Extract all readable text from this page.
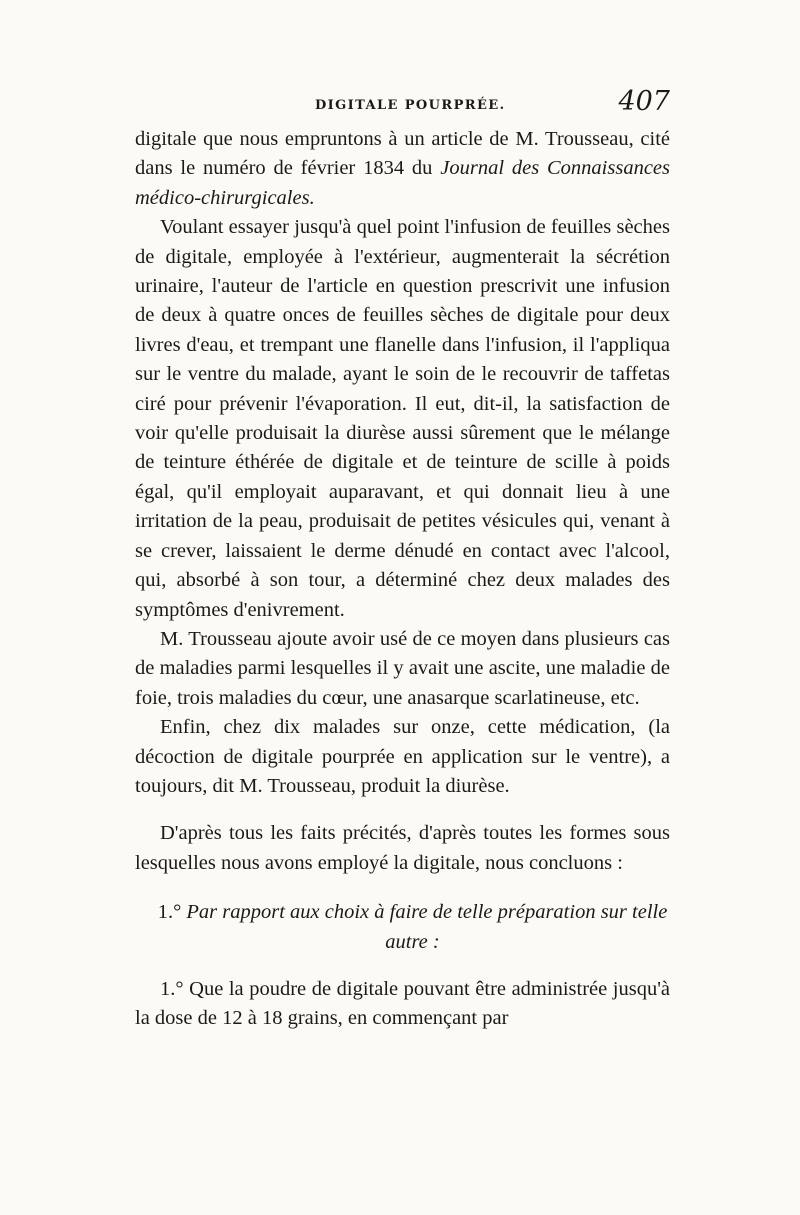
DIGITALE POURPRÉE.	407

digitale que nous empruntons à un article de M. Trousseau, cité dans le numéro de février 1834 du Journal des Connaissances médico-chirurgicales.

Voulant essayer jusqu'à quel point l'infusion de feuilles sèches de digitale, employée à l'extérieur, augmenterait la sécrétion urinaire, l'auteur de l'article en question prescrivit une infusion de deux à quatre onces de feuilles sèches de digitale pour deux livres d'eau, et trempant une flanelle dans l'infusion, il l'appliqua sur le ventre du malade, ayant le soin de le recouvrir de taffetas ciré pour prévenir l'évaporation. Il eut, dit-il, la satisfaction de voir qu'elle produisait la diurèse aussi sûrement que le mélange de teinture éthérée de digitale et de teinture de scille à poids égal, qu'il employait auparavant, et qui donnait lieu à une irritation de la peau, produisait de petites vésicules qui, venant à se crever, laissaient le derme dénudé en contact avec l'alcool, qui, absorbé à son tour, a déterminé chez deux malades des symptômes d'enivrement.

M. Trousseau ajoute avoir usé de ce moyen dans plusieurs cas de maladies parmi lesquelles il y avait une ascite, une maladie de foie, trois maladies du cœur, une anasarque scarlatineuse, etc.

Enfin, chez dix malades sur onze, cette médication, (la décoction de digitale pourprée en application sur le ventre), a toujours, dit M. Trousseau, produit la diurèse.

D'après tous les faits précités, d'après toutes les formes sous lesquelles nous avons employé la digitale, nous concluons :

1.° Par rapport aux choix à faire de telle préparation sur telle autre :

1.° Que la poudre de digitale pouvant être administrée jusqu'à la dose de 12 à 18 grains, en commençant par
